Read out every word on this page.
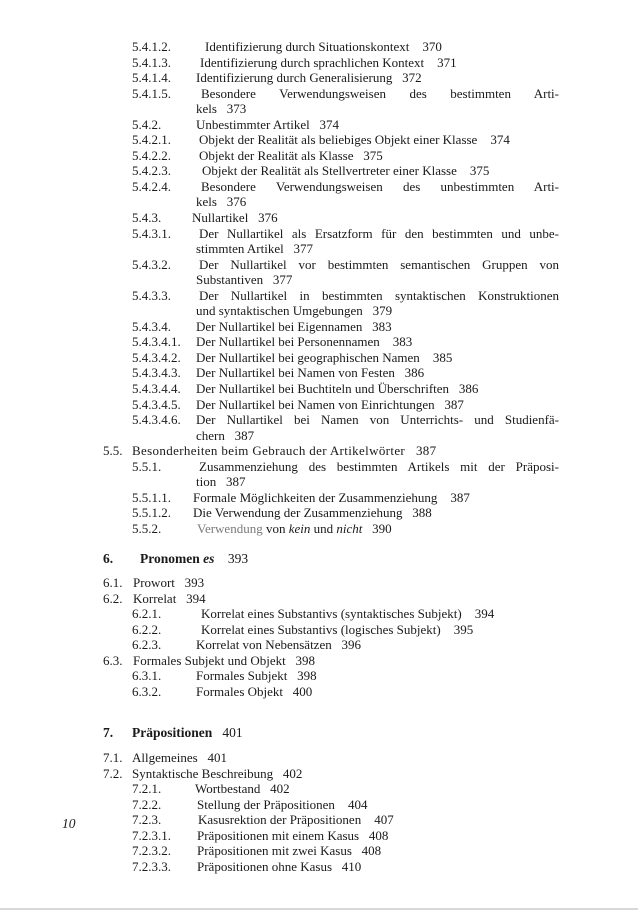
5.4.1.2.	Identifizierung durch Situationskontext 370
5.4.1.3. Identifizierung durch sprachlichen Kontext 371
5.4.1.4. Identifizierung durch Generalisierung 372
5.4.1.5. Besondere Verwendungsweisen des bestimmten Arti-
kels 373
5.4.2.	Unbestimmter Artikel 374
5.4.2.1. Objekt der Realität als beliebiges Objekt einer Klasse 374
5.4.2.2. Objekt der Realität als Klasse 375
5.4.2.3. Objekt der Realität als Stellvertreter einer Klasse 375
5.4.2.4. Besondere Verwendungsweisen des unbestimmten Arti-
kels 376
5.4.3. Nullartikel 376
5.4.3.1. Der Nullartikel als Ersatzform für den bestimmten und unbe-
stimmten Artikel 377
5.4.3.2. Der Nullartikel vor bestimmten semantischen Gruppen von
Substantiven 377
5.4.3.3. Der Nullartikel in bestimmten syntaktischen Konstruktionen
und syntaktischen Umgebungen 379
5.4.3.4. Der Nullartikel bei Eigennamen 383
5.4.3.4.1. Der Nullartikel bei Personennamen 383
5.4.3.4.2. Der Nullartikel bei geographischen Namen 385
5.4.3.4.3. Der Nullartikel bei Namen von Festen 386
5.4.3.4.4. Der Nullartikel bei Buchtiteln und Überschriften 386
5.4.3.4.5. Der Nullartikel bei Namen von Einrichtungen 387
5.4.3.4.6. Der Nullartikel bei Namen von Unterrichts- und Studienfä-
chern 387
5.5. Besonderheiten beim Gebrauch der Artikelwörter 387
5.5.1.	Zusammenziehung des bestimmten Artikels mit der Präposi-
tion 387
5.5.1.1. Formale Möglichkeiten der Zusammenziehung 387
5.5.1.2. Die Verwendung der Zusammenziehung 388
5.5.2.	Verwendung von kein und nicht 390
6. Pronomen es 393
6.1. Prowort 393
6.2. Korrelat 394
6.2.1.	Korrelat eines Substantivs (syntaktisches Subjekt) 394
6.2.2.	Korrelat eines Substantivs (logisches Subjekt) 395
6.2.3.	Korrelat von Nebensätzen 396
6.3. Formales Subjekt und Objekt 398
6.3.1.	Formales Subjekt 398
6.3.2.	Formales Objekt 400
7. Präpositionen 401
7.1. Allgemeines 401
7.2. Syntaktische Beschreibung 402
7.2.1.	Wortbestand 402
7.2.2.	Stellung der Präpositionen 404
7.2.3.	Kasusrektion der Präpositionen 407
7.2.3.1. Präpositionen mit einem Kasus 408
7.2.3.2. Präpositionen mit zwei Kasus 408
7.2.3.3. Präpositionen ohne Kasus 410
10
